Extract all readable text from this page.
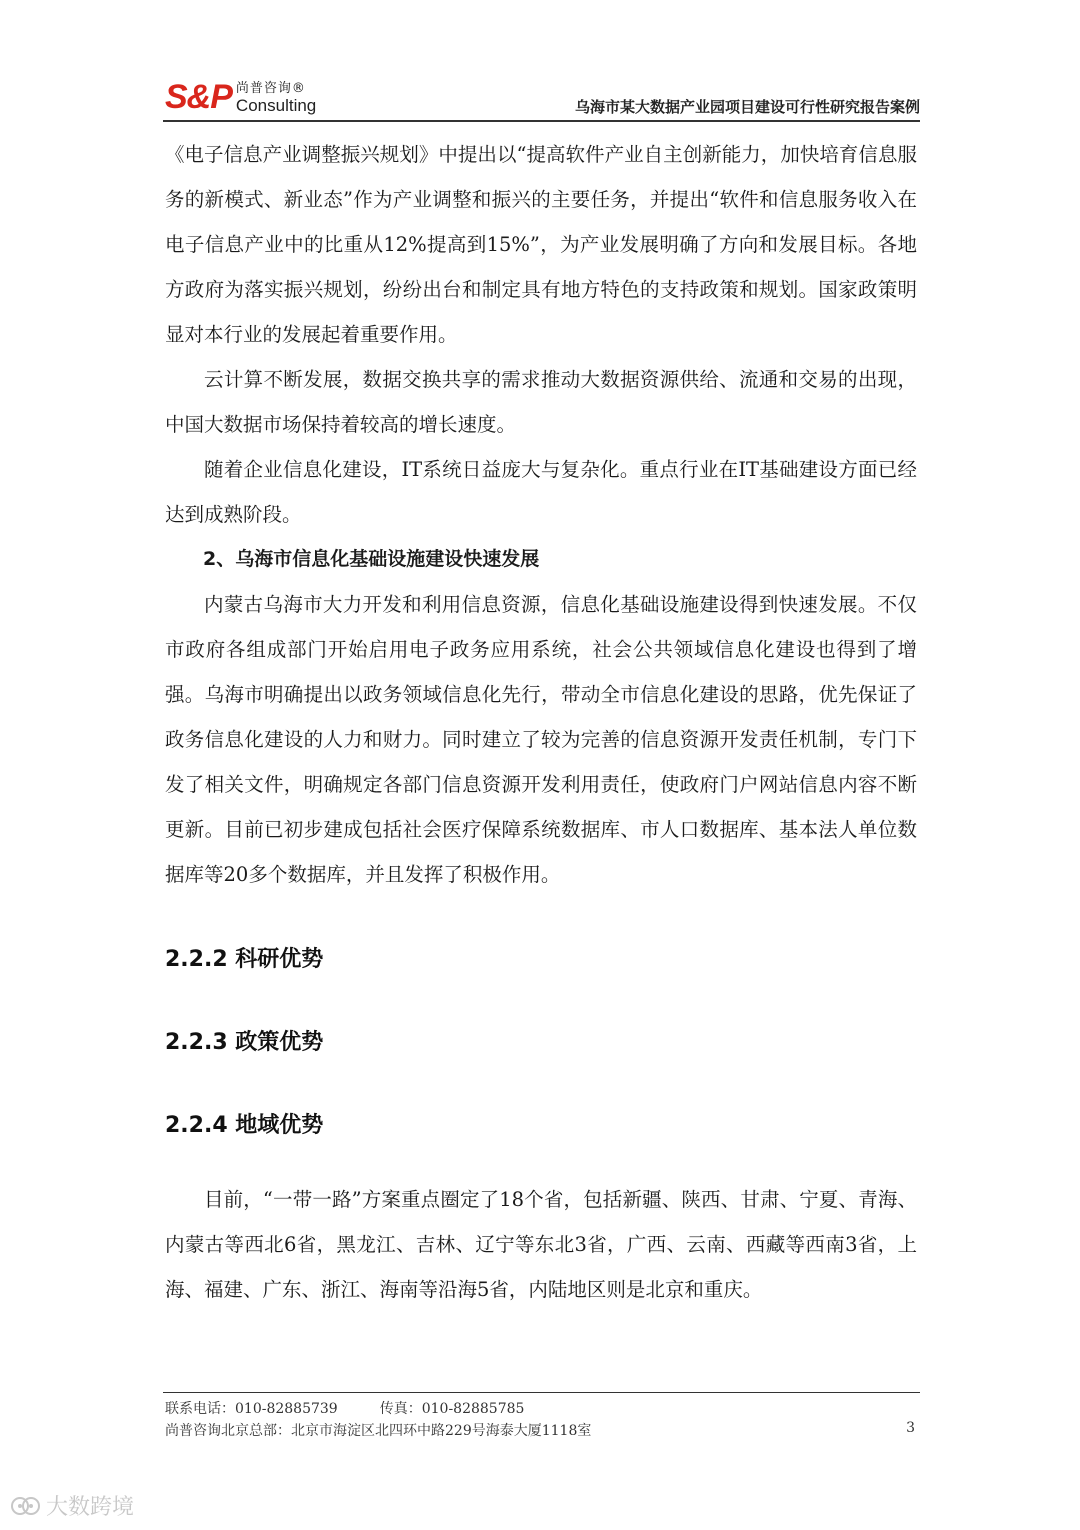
S&P 尚普咨询®
Consulting	乌海市某大数据产业园项目建设可行性研究报告案例

《电子信息产业调整振兴规划》中提出以“提高软件产业自主创新能力，加快培育信息服务的新模式、新业态”作为产业调整和振兴的主要任务，并提出“软件和信息服务收入在电子信息产业中的比重从12%提高到15%”，为产业发展明确了方向和发展目标。各地方政府为落实振兴规划，纷纷出台和制定具有地方特色的支持政策和规划。国家政策明显对本行业的发展起着重要作用。

云计算不断发展，数据交换共享的需求推动大数据资源供给、流通和交易的出现，中国大数据市场保持着较高的增长速度。

随着企业信息化建设，IT系统日益庞大与复杂化。重点行业在IT基础建设方面已经达到成熟阶段。

2、乌海市信息化基础设施建设快速发展

内蒙古乌海市大力开发和利用信息资源，信息化基础设施建设得到快速发展。不仅市政府各组成部门开始启用电子政务应用系统，社会公共领域信息化建设也得到了增强。乌海市明确提出以政务领域信息化先行，带动全市信息化建设的思路，优先保证了政务信息化建设的人力和财力。同时建立了较为完善的信息资源开发责任机制，专门下发了相关文件，明确规定各部门信息资源开发利用责任，使政府门户网站信息内容不断更新。目前已初步建成包括社会医疗保障系统数据库、市人口数据库、基本法人单位数据库等20多个数据库，并且发挥了积极作用。

2.2.2 科研优势
2.2.3 政策优势
2.2.4 地域优势

目前，“一带一路”方案重点圈定了18个省，包括新疆、陕西、甘肃、宁夏、青海、内蒙古等西北6省，黑龙江、吉林、辽宁等东北3省，广西、云南、西藏等西南3省，上海、福建、广东、浙江、海南等沿海5省，内陆地区则是北京和重庆。

联系电话：010-82885739	传真：010-82885785
尚普咨询北京总部：北京市海淀区北四环中路229号海泰大厦1118室	3
大数跨境
